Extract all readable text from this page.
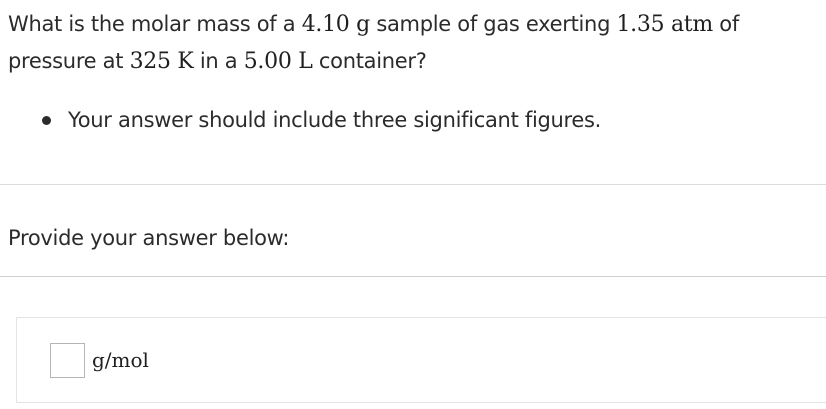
What is the molar mass of a 4.10 g sample of gas exerting 1.35 atm of pressure at 325 K in a 5.00 L container?
Your answer should include three significant figures.
Provide your answer below:
g/mol
